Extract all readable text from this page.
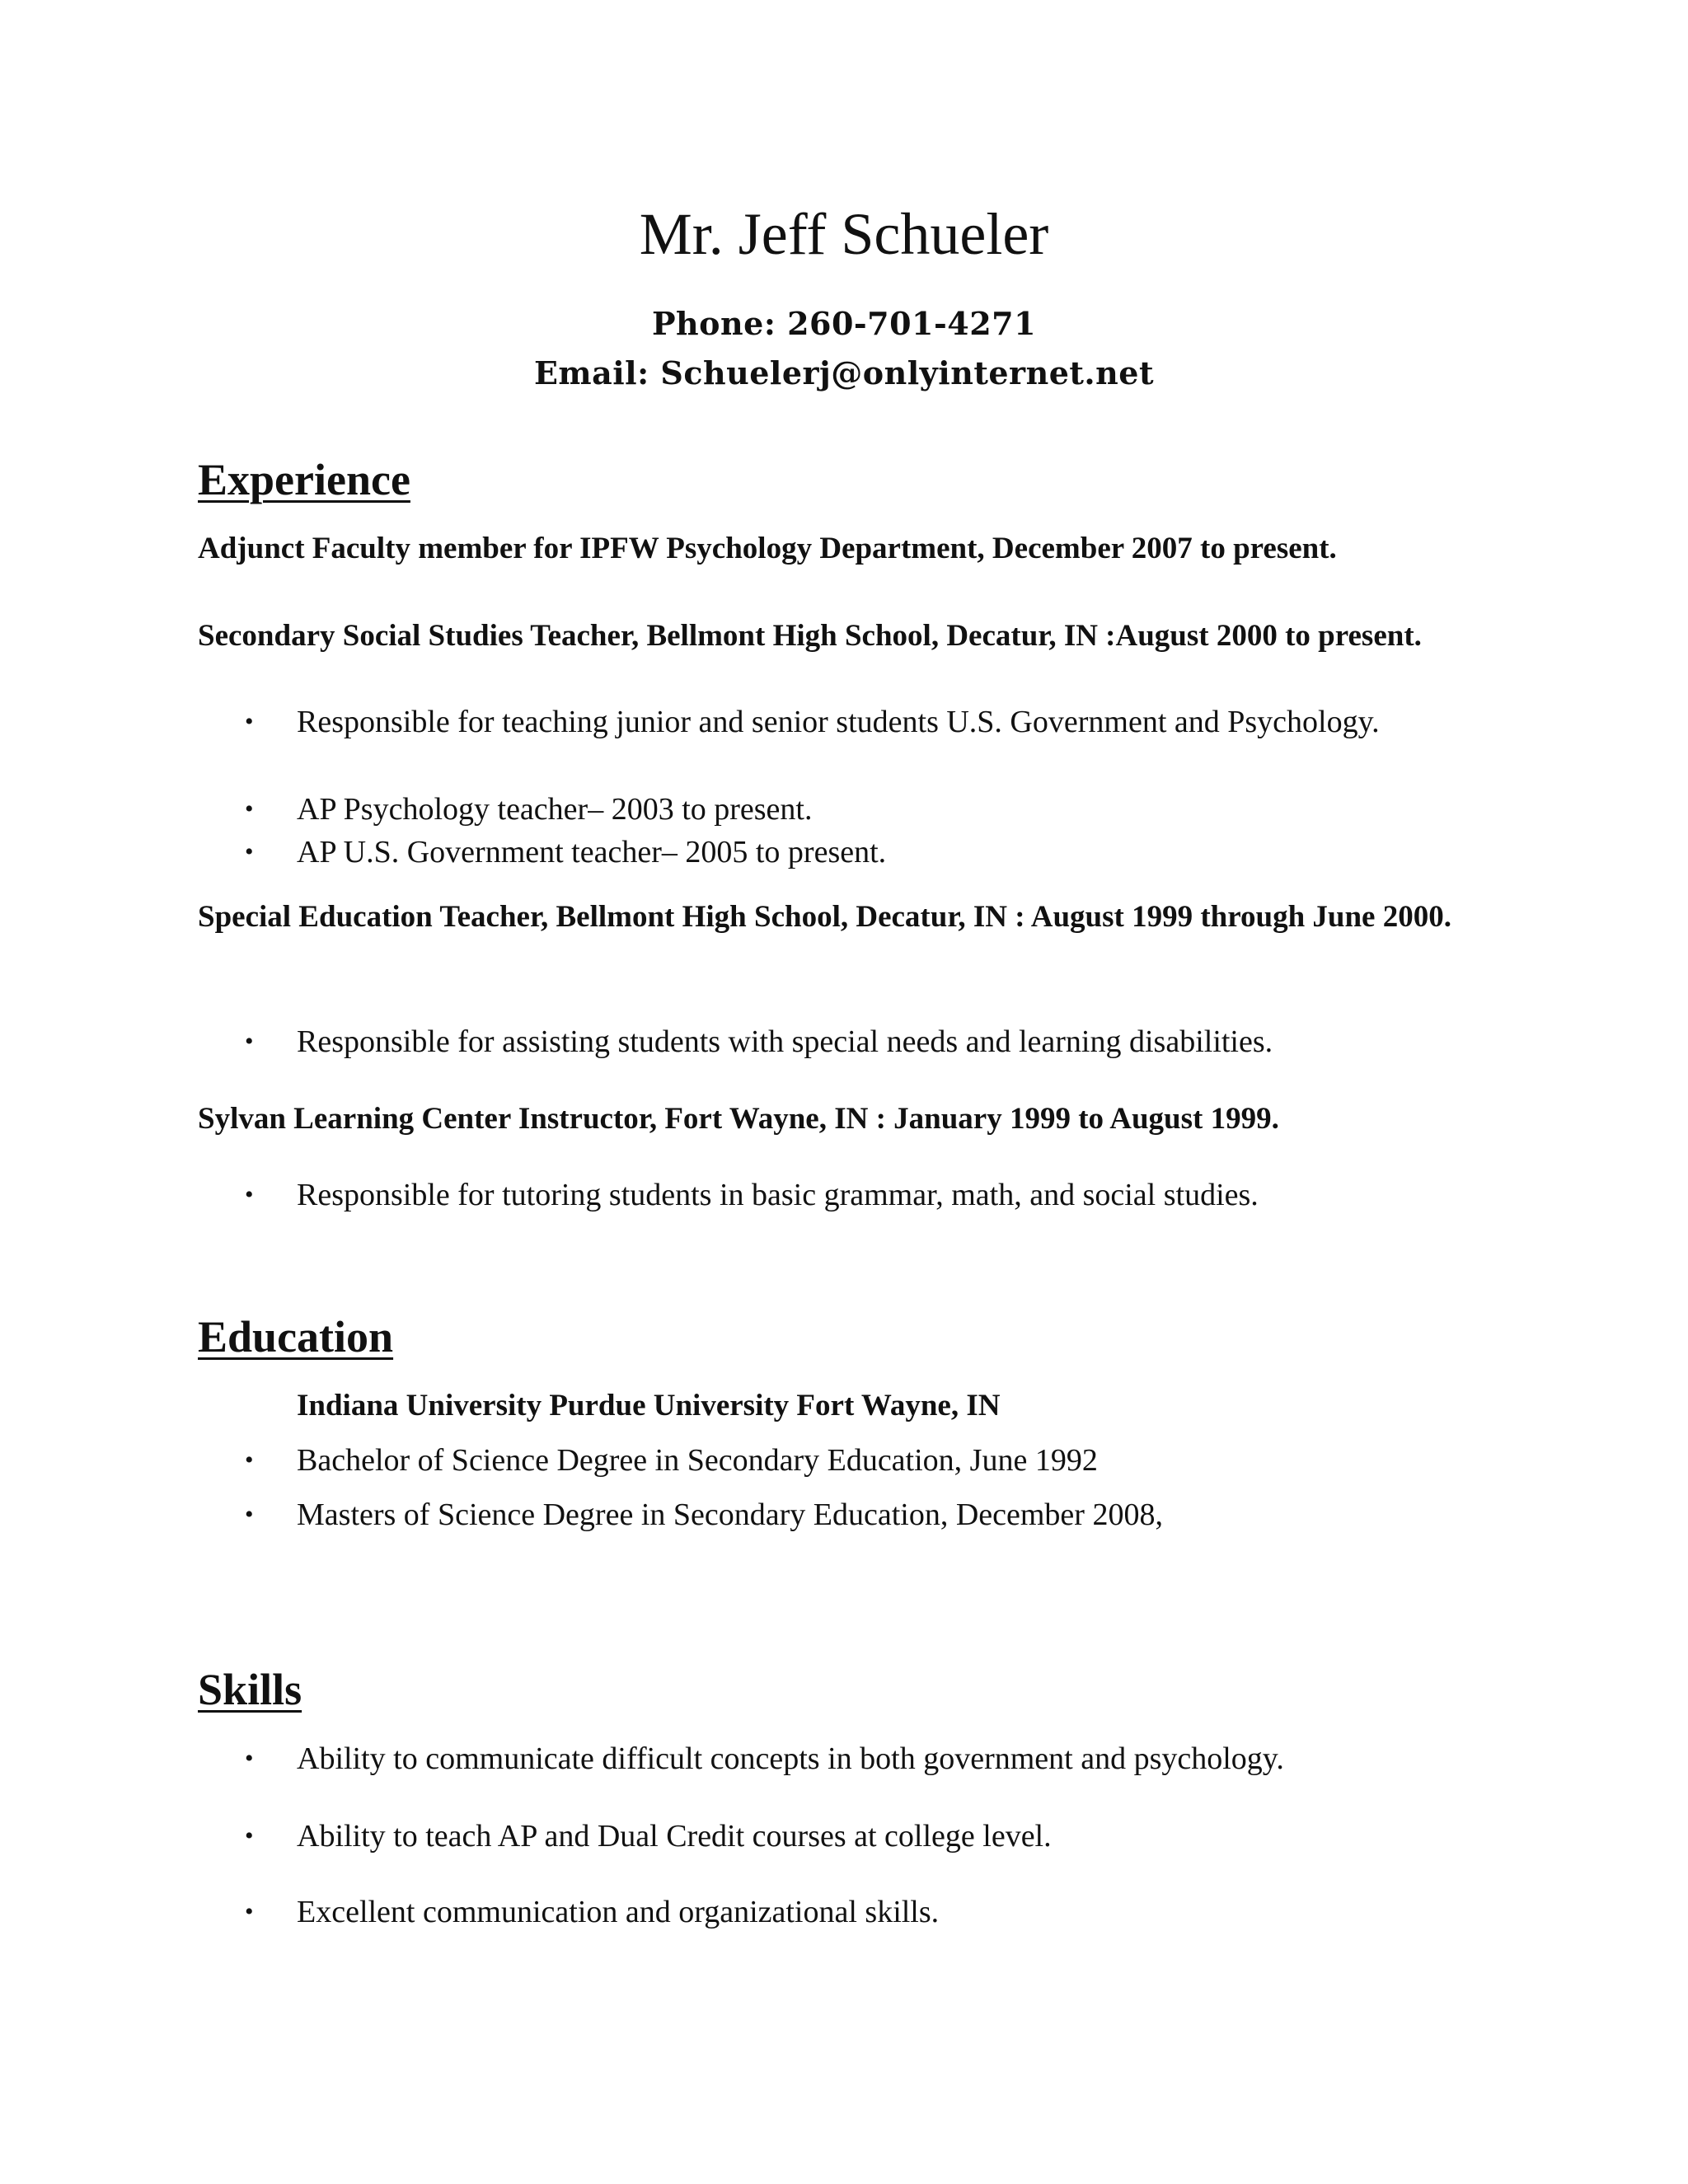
Mr. Jeff Schueler
Phone: 260-701-4271
Email: Schuelerj@onlyinternet.net
Experience
Adjunct Faculty member for IPFW Psychology Department, December 2007 to present.
Secondary Social Studies Teacher, Bellmont High School, Decatur, IN :August 2000 to present.
• Responsible for teaching junior and senior students U.S. Government and Psychology.
• AP Psychology teacher– 2003 to present.
• AP U.S. Government teacher– 2005 to present.
Special Education Teacher, Bellmont High School, Decatur, IN : August 1999 through June 2000.
• Responsible for assisting students with special needs and learning disabilities.
Sylvan Learning Center Instructor, Fort Wayne, IN : January 1999 to August 1999.
• Responsible for tutoring students in basic grammar, math, and social studies.
Education
Indiana University Purdue University Fort Wayne, IN
• Bachelor of Science Degree in Secondary Education, June 1992
• Masters of Science Degree in Secondary Education, December 2008,
Skills
• Ability to communicate difficult concepts in both government and psychology.
• Ability to teach AP and Dual Credit courses at college level.
• Excellent communication and organizational skills.
